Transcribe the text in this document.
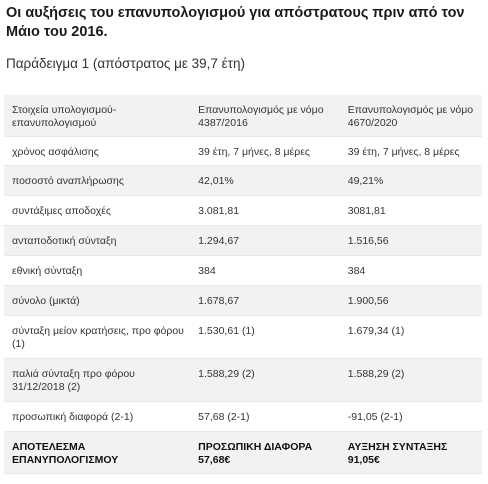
Οι αυξήσεις του επανυπολογισμού για απόστρατους πριν από τον Μάιο του 2016.
Παράδειγμα 1 (απόστρατος με 39,7 έτη)
Στοιχεία υπολογισμού- επανυπολογισμού	Επανυπολογισμός με νόμο 4387/2016	Επανυπολογισμός με νόμο 4670/2020
χρόνος ασφάλισης	39 έτη, 7 μήνες, 8 μέρες	39 έτη, 7 μήνες, 8 μέρες
ποσοστό αναπλήρωσης	42,01%	49,21%
συντάξιμες αποδοχές	3.081,81	3081,81
ανταποδοτική σύνταξη	1.294,67	1.516,56
εθνική σύνταξη	384	384
σύνολο (μικτά)	1.678,67	1.900,56
σύνταξη μείον κρατήσεις, προ φόρου (1)	1.530,61 (1)	1.679,34 (1)
παλιά σύνταξη προ φόρου 31/12/2018 (2)	1.588,29 (2)	1.588,29 (2)
προσωπική διαφορά (2-1)	57,68 (2-1)	-91,05 (2-1)
ΑΠΟΤΕΛΕΣΜΑ ΕΠΑΝΥΠΟΛΟΓΙΣΜΟΥ	ΠΡΟΣΩΠΙΚΗ ΔΙΑΦΟΡΑ 57,68€	ΑΥΞΗΣΗ ΣΥΝΤΑΞΗΣ 91,05€
